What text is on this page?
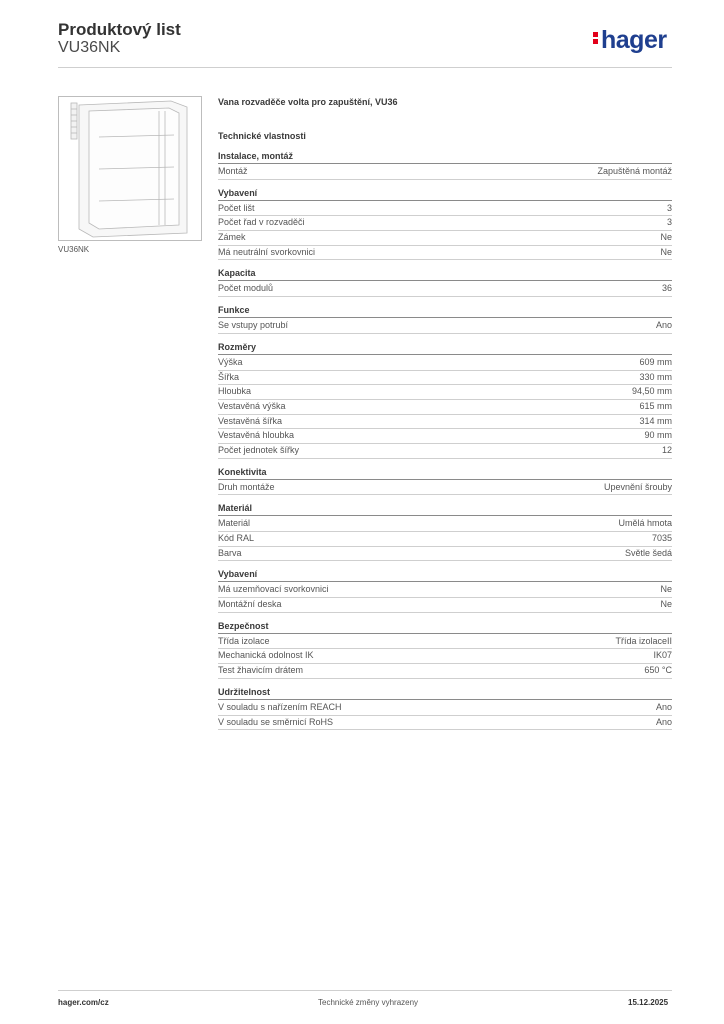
Produktový list
VU36NK	hager
VU36NK
Vana rozvaděče volta pro zapuštění, VU36
Technické vlastnosti
Instalace, montáž
Montáž	Zapuštěná montáž
Vybavení
Počet lišt	3
Počet řad v rozvaděči	3
Zámek	Ne
Má neutrální svorkovnici	Ne
Kapacita
Počet modulů	36
Funkce
Se vstupy potrubí	Ano
Rozměry
Výška	609 mm
Šířka	330 mm
Hloubka	94,50 mm
Vestavěná výška	615 mm
Vestavěná šířka	314 mm
Vestavěná hloubka	90 mm
Počet jednotek šířky	12
Konektivita
Druh montáže	Upevnění šrouby
Materiál
Materiál	Umělá hmota
Kód RAL	7035
Barva	Světle šedá
Vybavení
Má uzemňovací svorkovnici	Ne
Montážní deska	Ne
Bezpečnost
Třída izolace	Třída izolaceII
Mechanická odolnost IK	IK07
Test žhavicím drátem	650 °C
Udržitelnost
V souladu s nařízením REACH	Ano
V souladu se směrnicí RoHS	Ano
hager.com/cz	Technické změny vyhrazeny	15.12.2025
